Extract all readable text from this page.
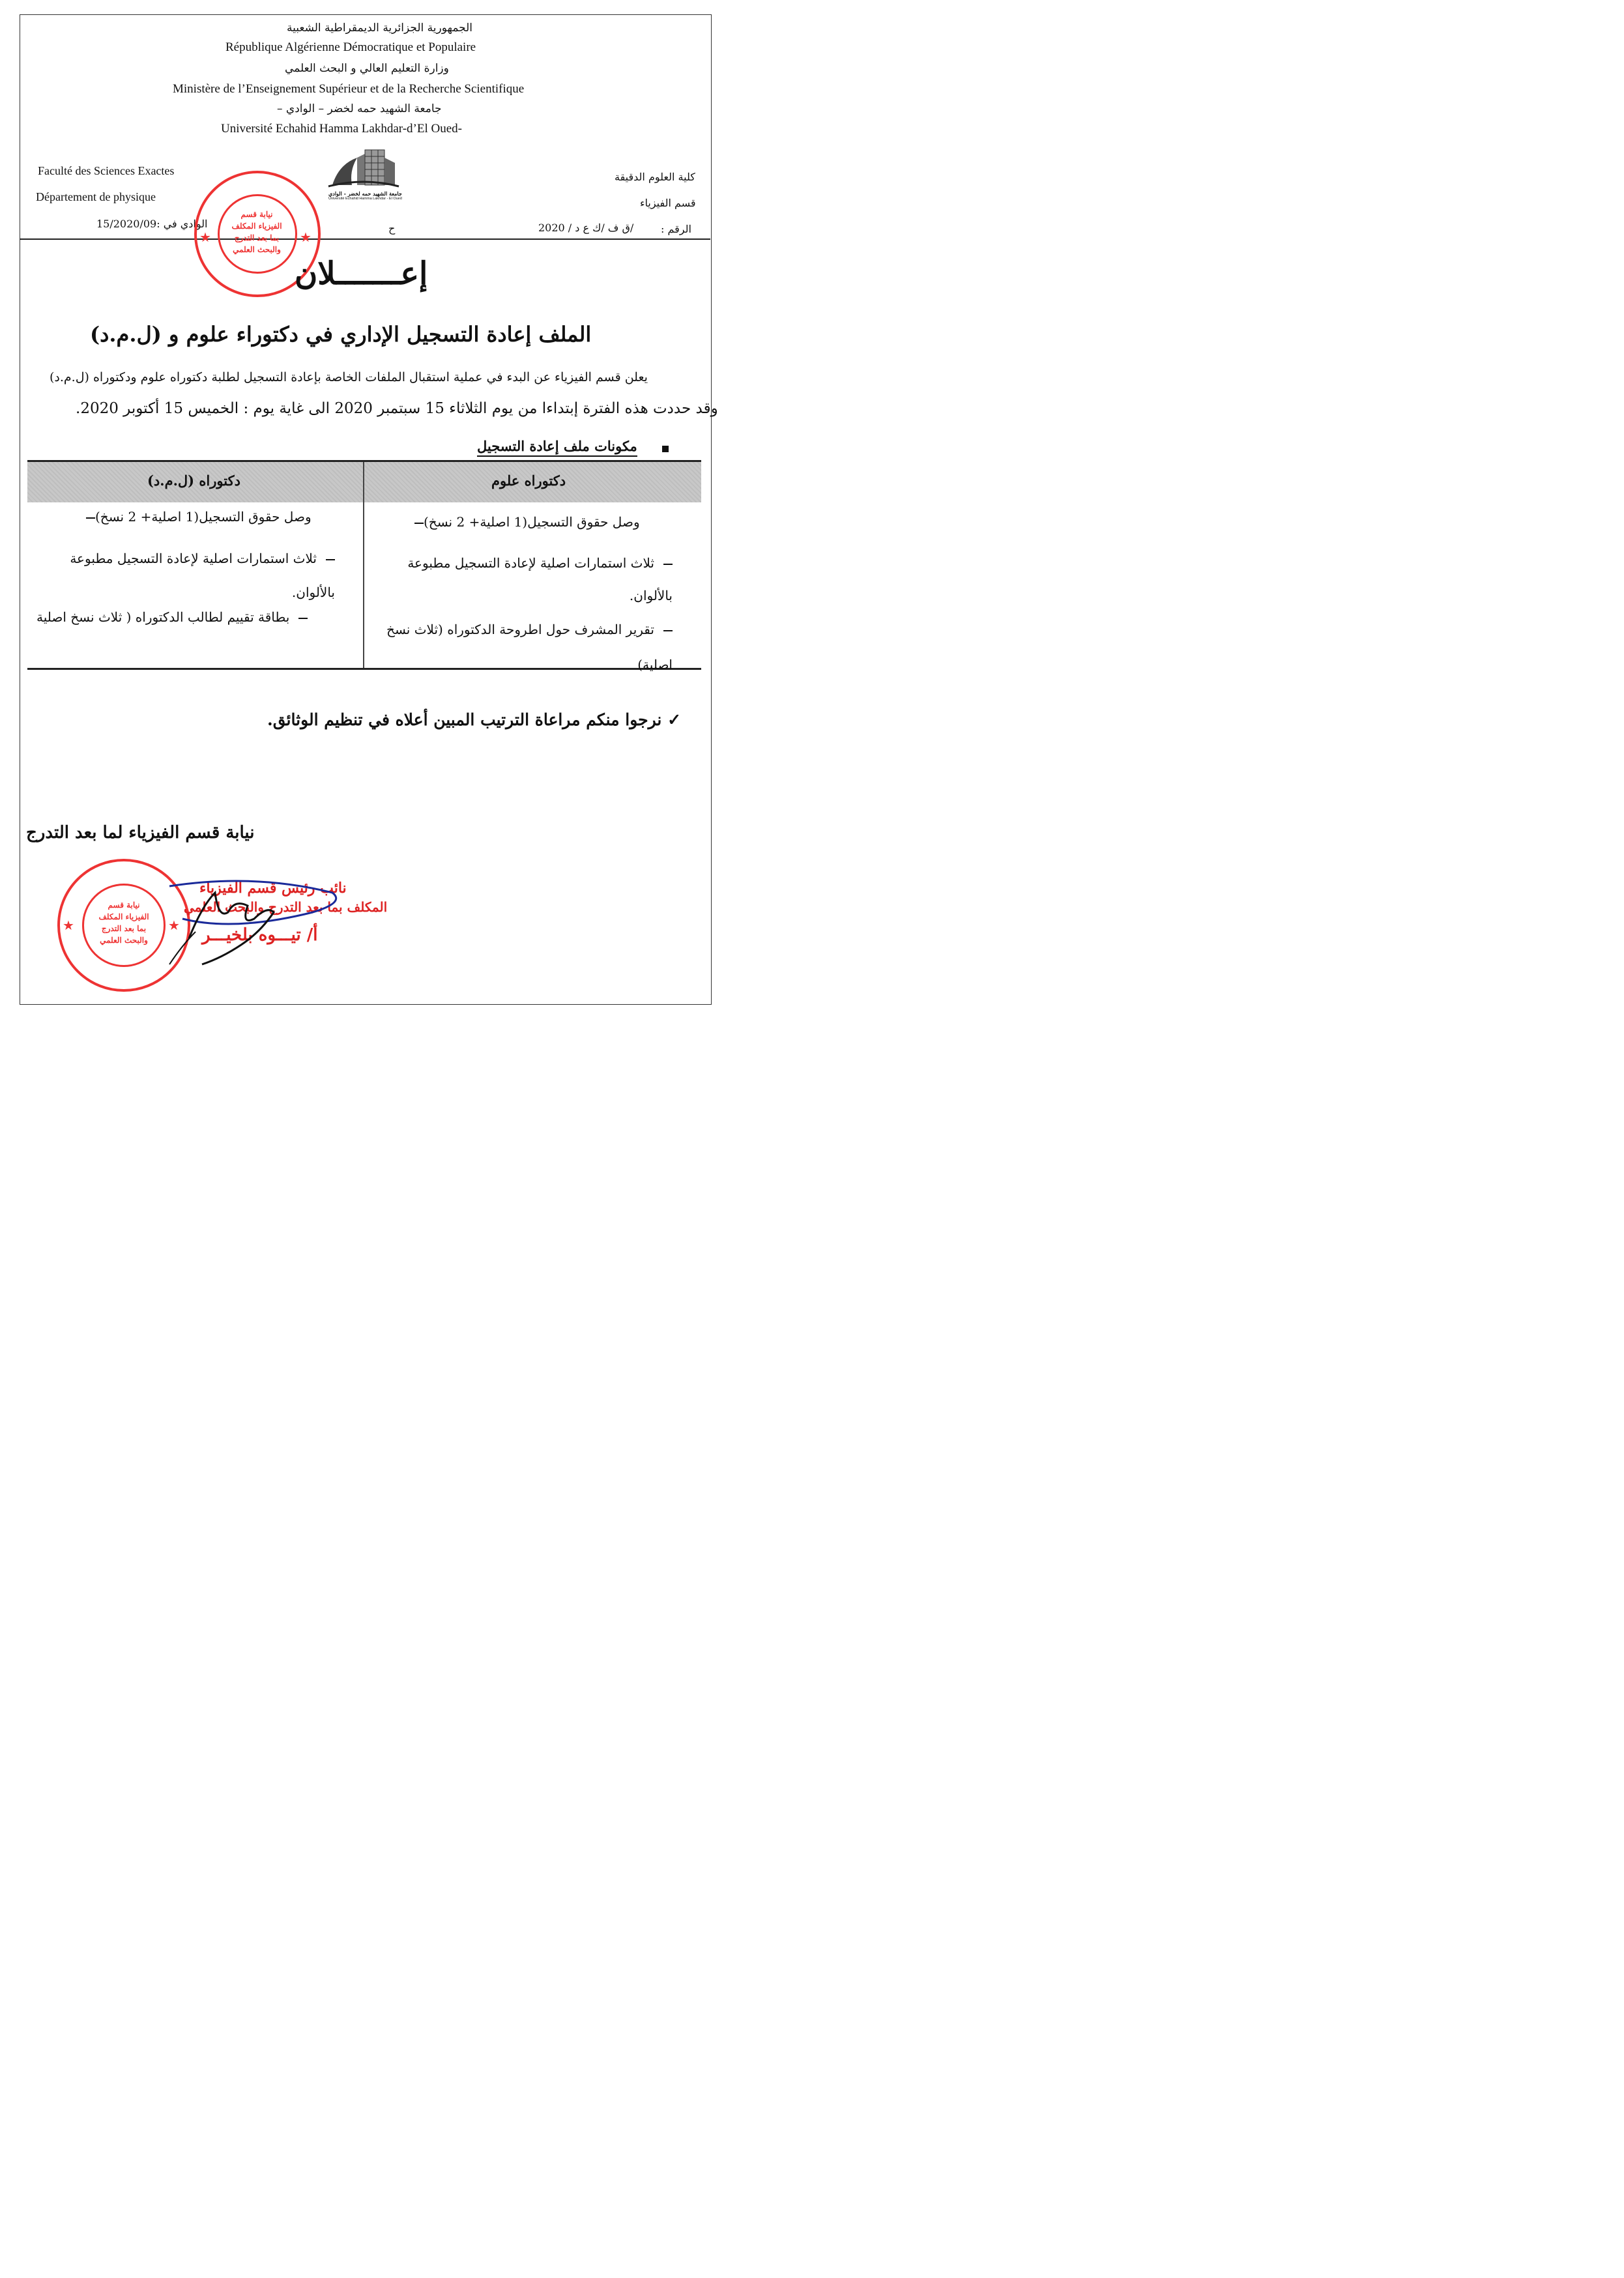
الجمهورية الجزائرية الديمقراطية الشعبية
République Algérienne Démocratique et Populaire
وزارة التعليم العالي و البحث العلمي
Ministère de l’Enseignement Supérieur et de la Recherche Scientifique
جامعة الشهيد حمه لخضر – الوادي –
Université Echahid Hamma Lakhdar-d’El Oued-
Faculté des Sciences Exactes
Département de physique
الوادي في :15/2020/09
كلية العلوم الدقيقة
قسم الفيزياء
الرقم :
/ق ف /ك ع د / 2020
ح
جامعة الشهيد حمه لخضر - الوادي
Université Echahid Hamma Lakhdar - El Oued
نيابة قسم
الفيزياء المكلف
بما بعد التدرج
والبحث العلمي
★	★
إعـــــــلان
الملف إعادة التسجيل الإداري في دكتوراء علوم و (ل.م.د)
يعلن قسم الفيزياء عن البدء في عملية استقبال الملفات الخاصة بإعادة التسجيل لطلبة دكتوراه علوم ودكتوراه (ل.م.د)
وقد حددت هذه الفترة إبتداءا من يوم الثلاثاء 15 سبتمبر 2020 الى غاية يوم : الخميس 15 أكتوبر 2020.
مكونات ملف إعادة التسجيل
دكتوراه علوم
دكتوراه (ل.م.د)
وصل حقوق التسجيل(1 اصلية+ 2 نسخ)
ثلاث استمارات اصلية لإعادة التسجيل مطبوعة بالألوان.
تقرير المشرف حول اطروحة الدكتوراه (ثلاث نسخ اصلية)
وصل حقوق التسجيل(1 اصلية+ 2 نسخ)
ثلاث استمارات اصلية لإعادة التسجيل مطبوعة بالألوان.
بطاقة تقييم لطالب الدكتوراه ( ثلاث نسخ اصلية
✓ نرجوا منكم مراعاة الترتيب المبين أعلاه في تنظيم الوثائق.
نيابة قسم الفيزياء لما بعد التدرج
نيابة قسم
الفيزياء المكلف
بما بعد التدرج
والبحث العلمي
★	★
نائب رئيس قسم الفيزياء
المكلف بما بعد التدرج والبحث العلمي
أ/ تيـــوه بلخيـــر
